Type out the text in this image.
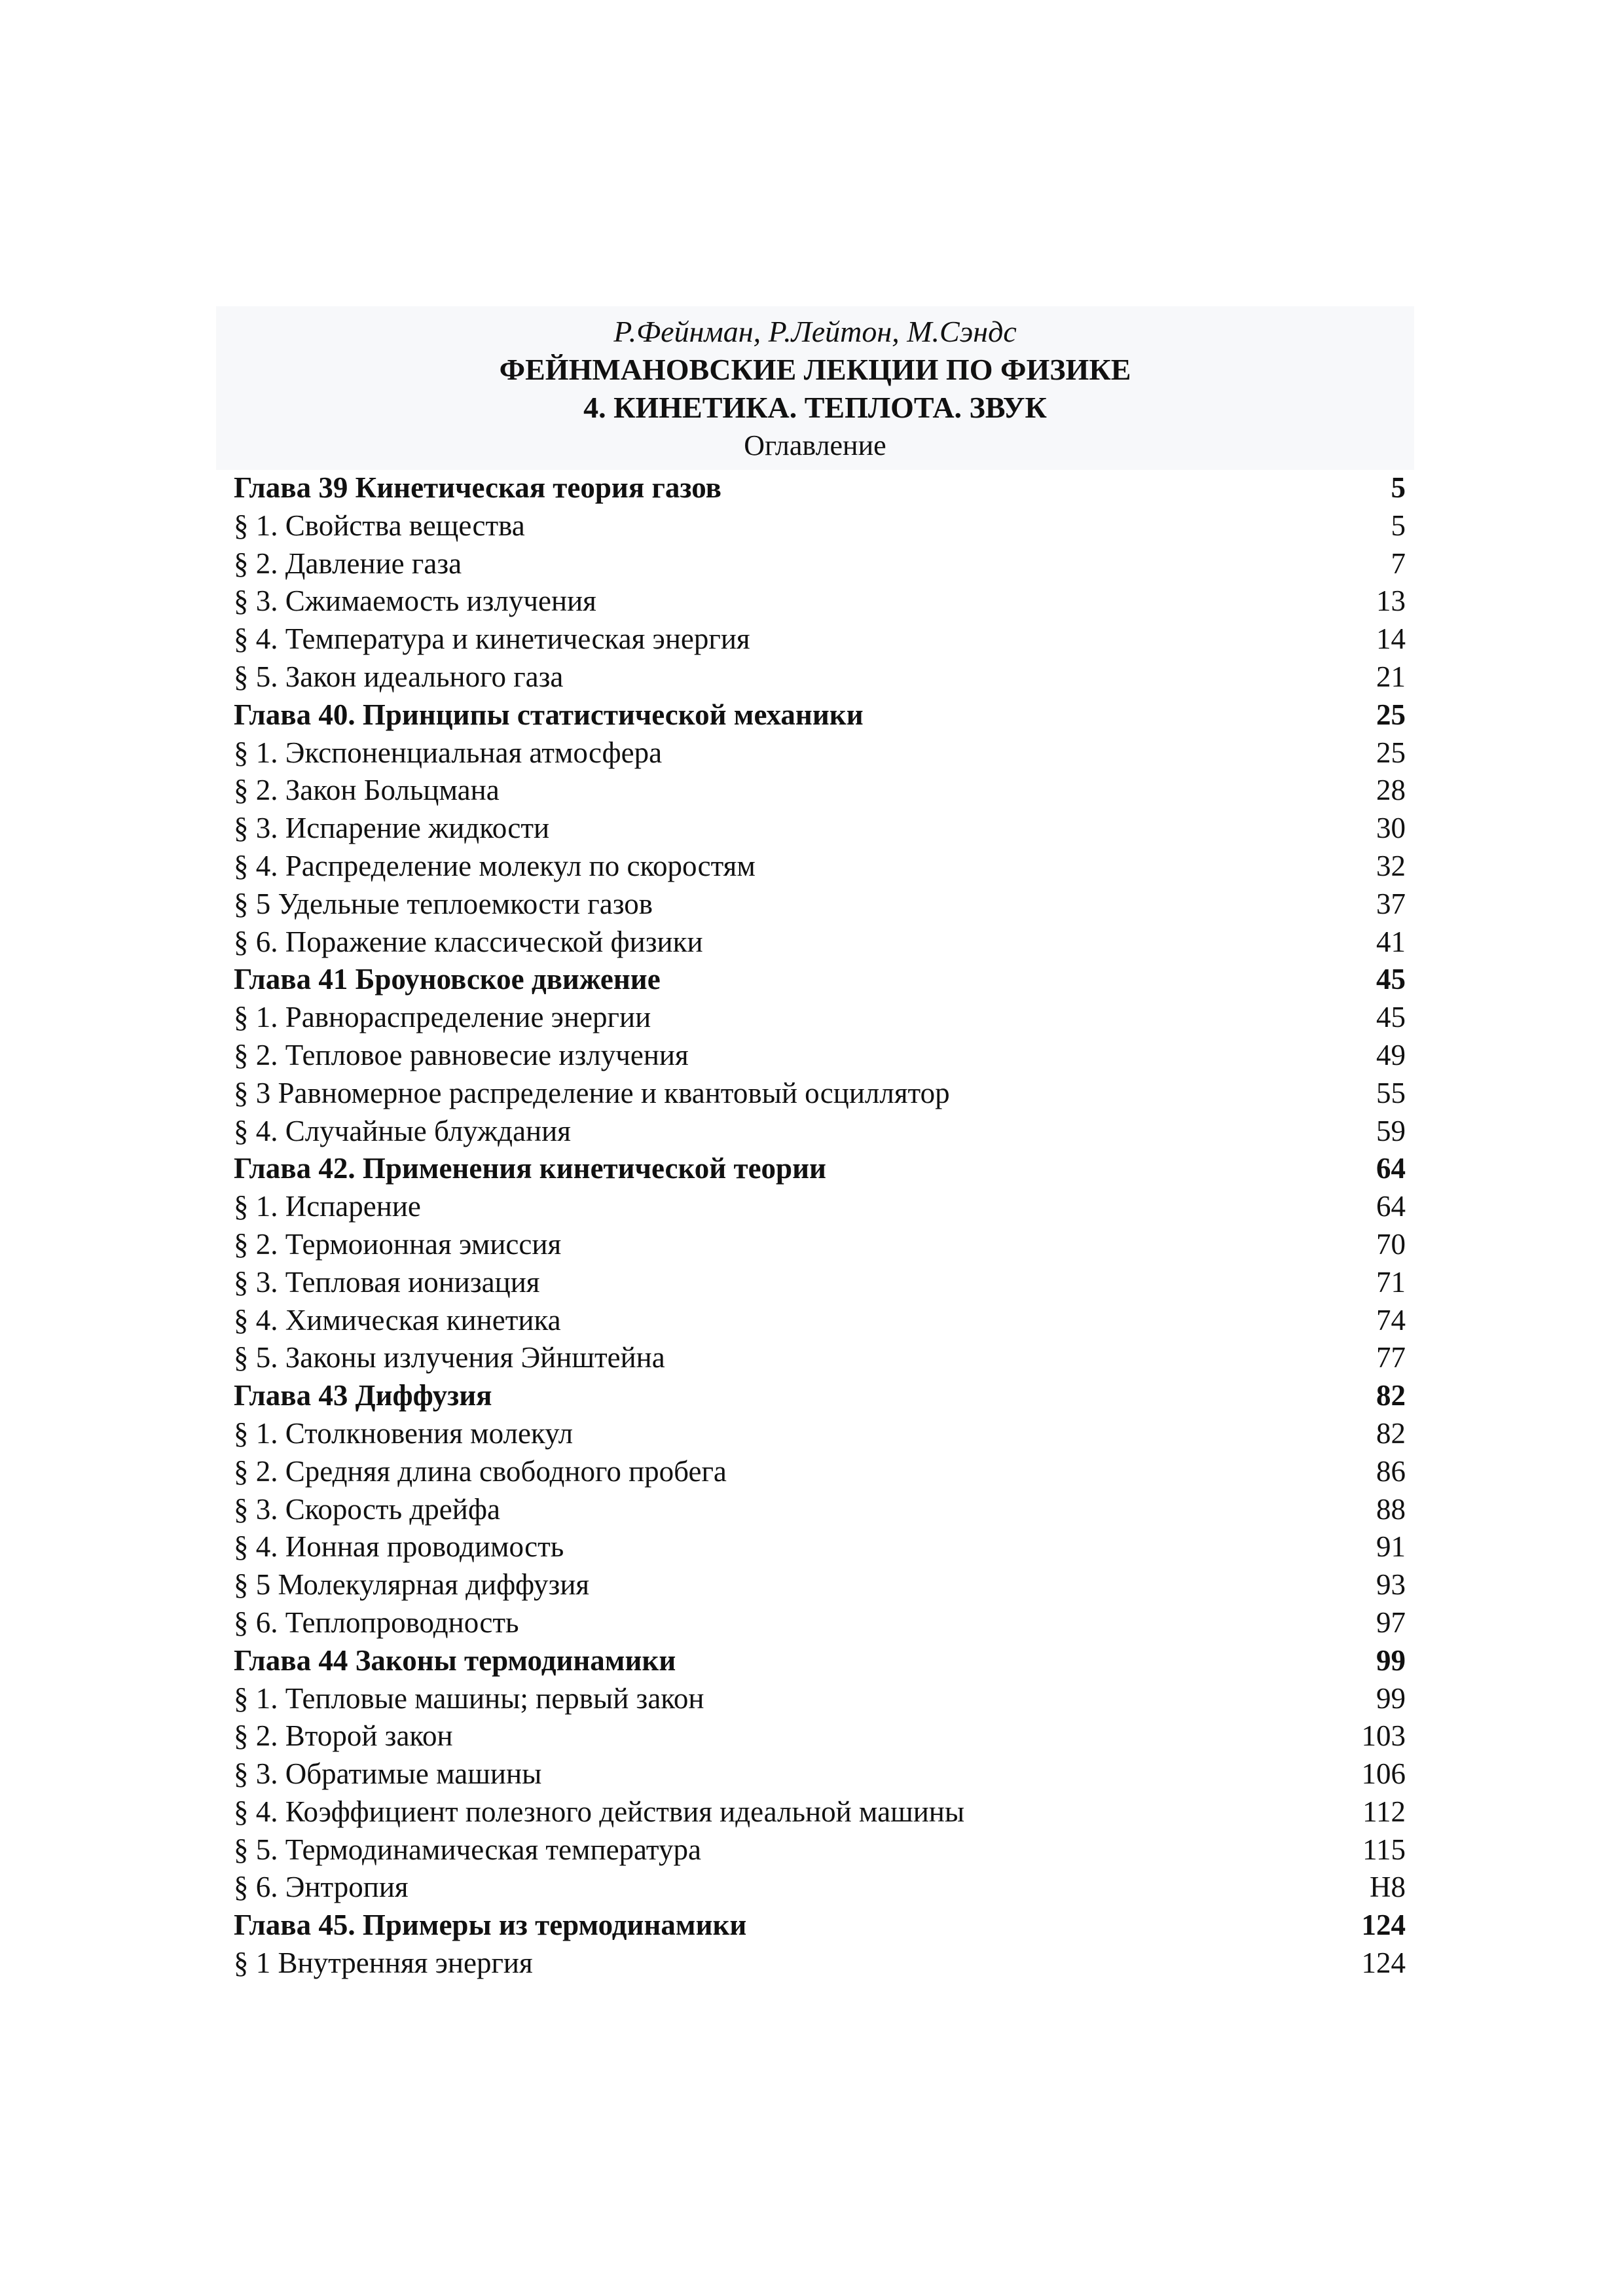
Р.Фейнман, Р.Лейтон, М.Сэндс
ФЕЙНМАНОВСКИЕ ЛЕКЦИИ ПО ФИЗИКЕ
4. КИНЕТИКА. ТЕПЛОТА. ЗВУК
Оглавление
Глава 39 Кинетическая теория газов	5
§ 1. Свойства вещества	5
§ 2. Давление газа	7
§ 3. Сжимаемость излучения	13
§ 4. Температура и кинетическая энергия	14
§ 5. Закон идеального газа	21
Глава 40. Принципы статистической механики	25
§ 1. Экспоненциальная атмосфера	25
§ 2. Закон Больцмана	28
§ 3. Испарение жидкости	30
§ 4. Распределение молекул по скоростям	32
§ 5 Удельные теплоемкости газов	37
§ 6. Поражение классической физики	41
Глава 41 Броуновское движение	45
§ 1. Равнораспределение энергии	45
§ 2. Тепловое равновесие излучения	49
§ 3 Равномерное распределение и квантовый осциллятор	55
§ 4. Случайные блуждания	59
Глава 42. Применения кинетической теории	64
§ 1. Испарение	64
§ 2. Термоионная эмиссия	70
§ 3. Тепловая ионизация	71
§ 4. Химическая кинетика	74
§ 5. Законы излучения Эйнштейна	77
Глава 43 Диффузия	82
§ 1. Столкновения молекул	82
§ 2. Средняя длина свободного пробега	86
§ 3. Скорость дрейфа	88
§ 4. Ионная проводимость	91
§ 5 Молекулярная диффузия	93
§ 6. Теплопроводность	97
Глава 44 Законы термодинамики	99
§ 1. Тепловые машины; первый закон	99
§ 2. Второй закон	103
§ 3. Обратимые машины	106
§ 4. Коэффициент полезного действия идеальной машины	112
§ 5. Термодинамическая температура	115
§ 6. Энтропия	Н8
Глава 45. Примеры из термодинамики	124
§ 1 Внутренняя энергия	124
